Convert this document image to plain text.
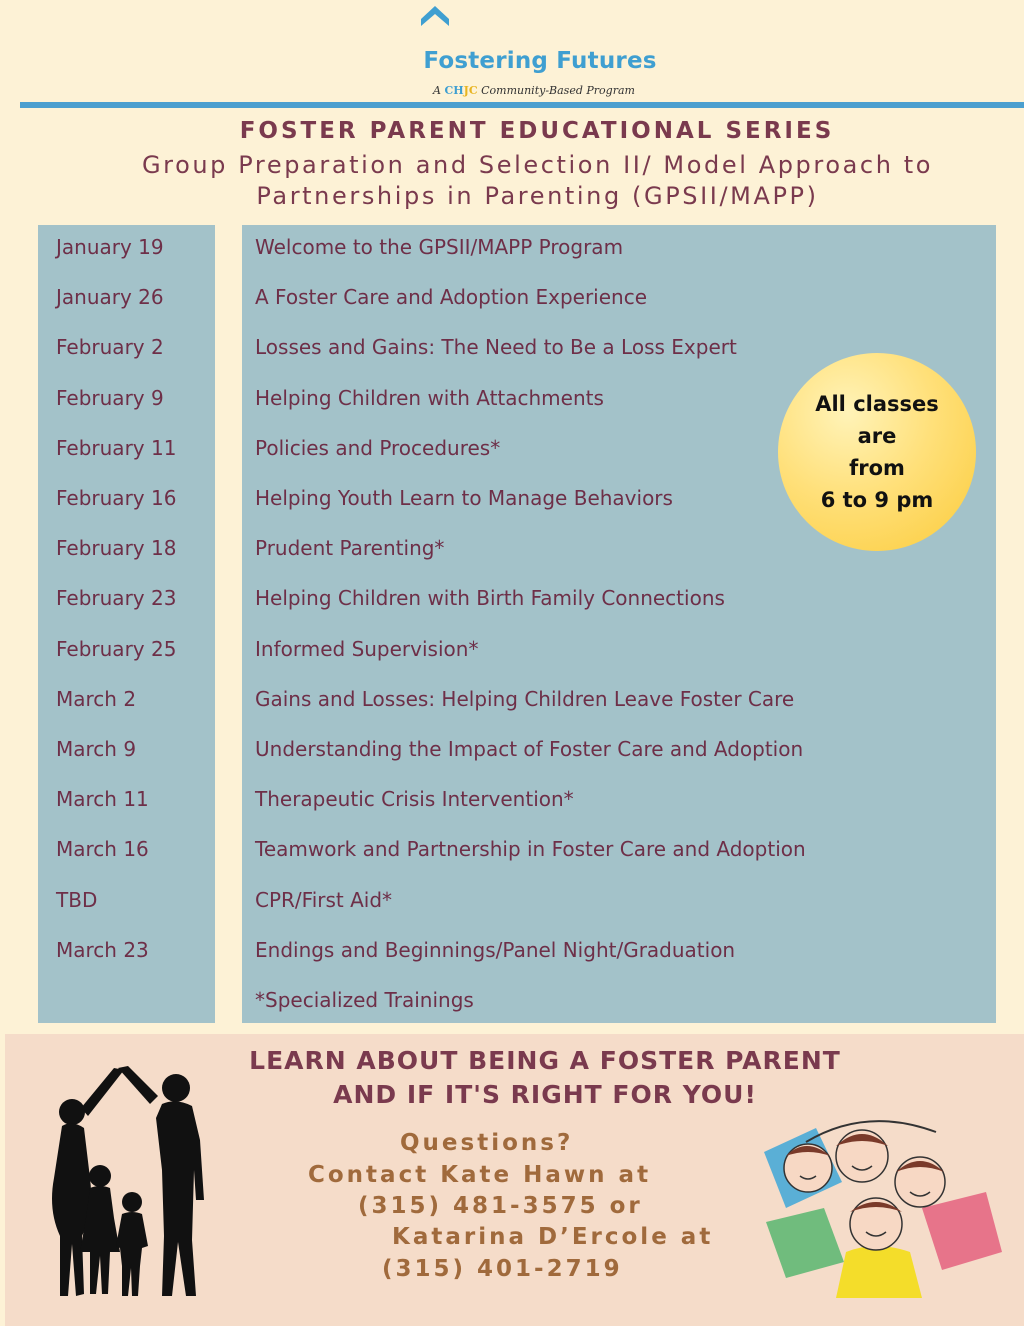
Fostering Futures
A CHJC Community-Based Program
FOSTER PARENT EDUCATIONAL SERIES
Group Preparation and Selection II/ Model Approach to Partnerships in Parenting (GPSII/MAPP)
January 19
January 26
February 2
February 9
February 11
February 16
February 18
February 23
February 25
March 2
March 9
March 11
March 16
TBD
March 23
Welcome to the GPSII/MAPP Program
A Foster Care and Adoption Experience
Losses and Gains: The Need to Be a Loss Expert
Helping Children with Attachments
Policies and Procedures*
Helping Youth Learn to Manage Behaviors
Prudent Parenting*
Helping Children with Birth Family Connections
Informed Supervision*
Gains and Losses: Helping Children Leave Foster Care
Understanding the Impact of Foster Care and Adoption
Therapeutic Crisis Intervention*
Teamwork and Partnership in Foster Care and Adoption
CPR/First Aid*
Endings and Beginnings/Panel Night/Graduation
*Specialized Trainings
All classes
are
from
6 to 9 pm
LEARN ABOUT BEING A FOSTER PARENT
AND IF IT'S RIGHT FOR YOU!
Questions?
Contact Kate Hawn at
(315) 481-3575 or
Katarina D’Ercole at
(315) 401-2719
